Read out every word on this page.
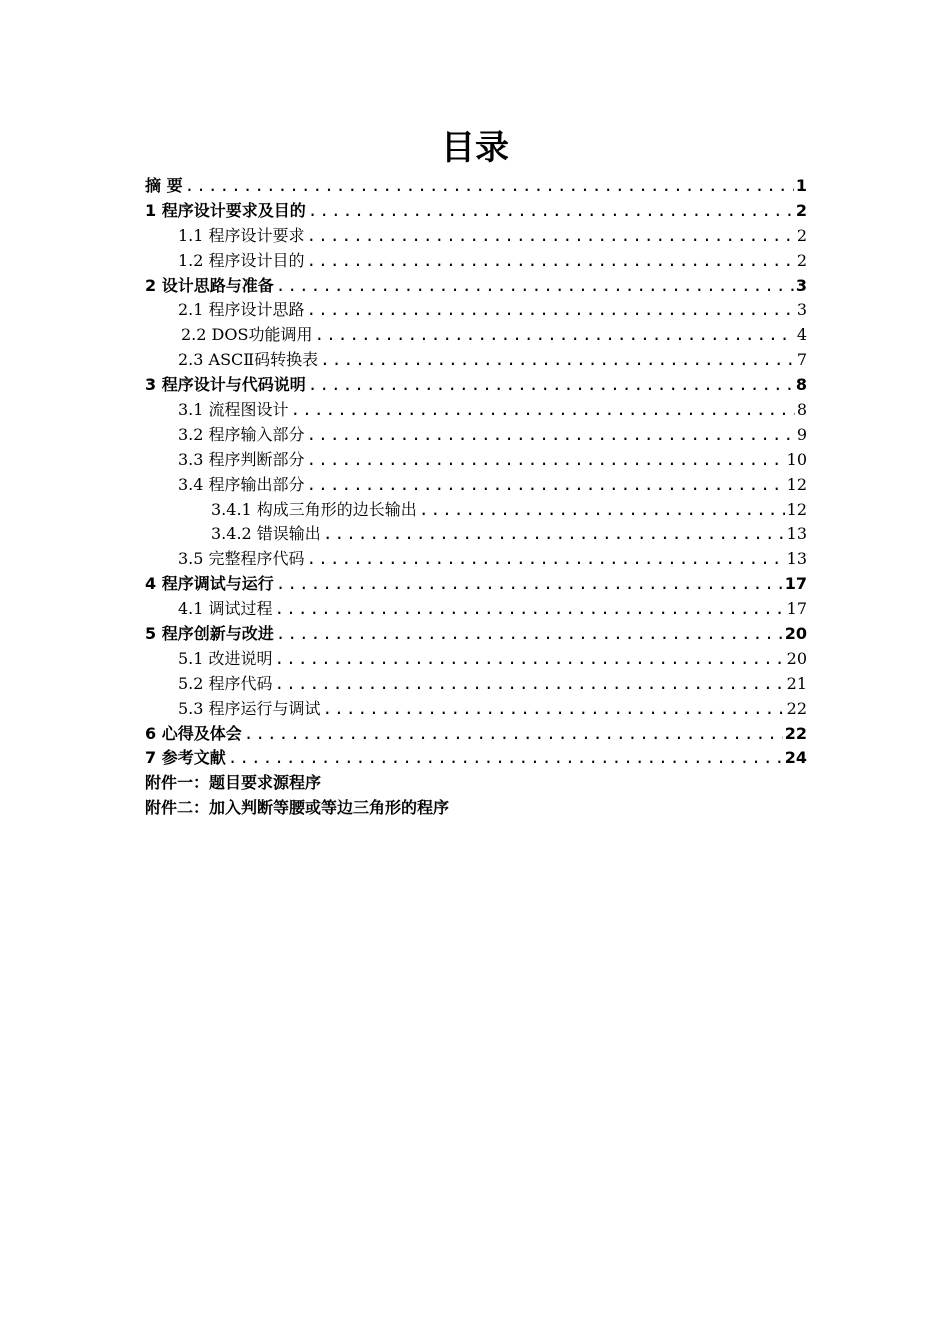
目录
摘 要 .....	1
1 程序设计要求及目的 .....	2
1.1 程序设计要求 .....	2
1.2 程序设计目的 .....	2
2 设计思路与准备 .....	3
2.1 程序设计思路 .....	3
2.2 DOS功能调用 .....	4
2.3 ASCⅡ码转换表 .....	7
3 程序设计与代码说明 .....	8
3.1 流程图设计 .....	8
3.2 程序输入部分 .....	9
3.3 程序判断部分 .....	10
3.4 程序输出部分 .....	12
3.4.1 构成三角形的边长输出 .....	12
3.4.2 错误输出 .....	13
3.5 完整程序代码 .....	13
4 程序调试与运行 .....	17
4.1 调试过程 .....	17
5 程序创新与改进 .....	20
5.1 改进说明 .....	20
5.2 程序代码 .....	21
5.3 程序运行与调试 .....	22
6 心得及体会 .....	22
7 参考文献 .....	24
附件一：题目要求源程序
附件二：加入判断等腰或等边三角形的程序
